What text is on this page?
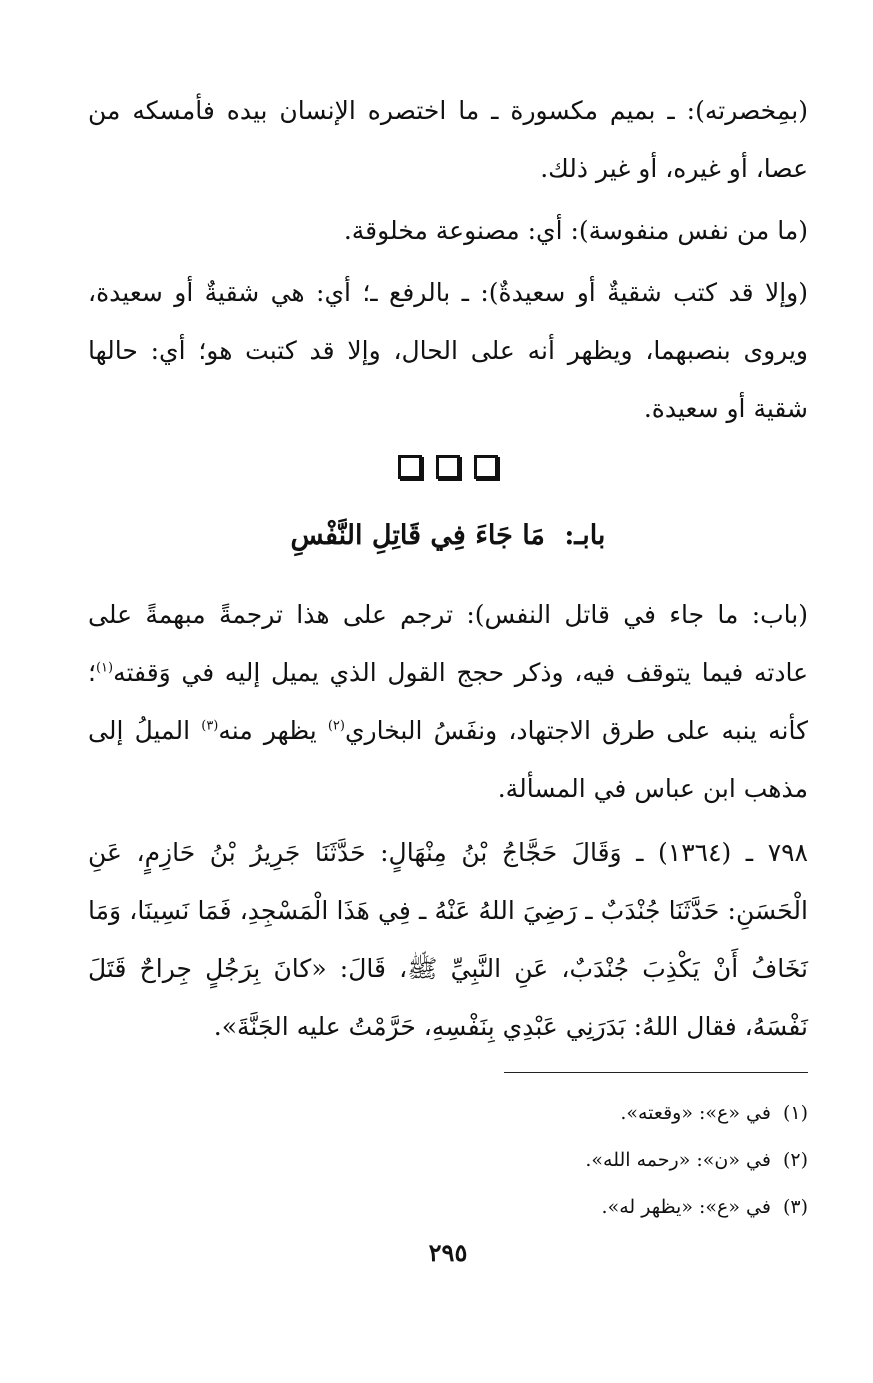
(بمِخصرته): ـ بميم مكسورة ـ ما اختصره الإنسان بيده فأمسكه من عصا، أو غيره، أو غير ذلك.

(ما من نفس منفوسة): أي: مصنوعة مخلوقة.

(وإلا قد كتب شقيةٌ أو سعيدةٌ): ـ بالرفع ـ؛ أي: هي شقيةٌ أو سعيدة، ويروى بنصبهما، ويظهر أنه على الحال، وإلا قد كتبت هو؛ أي: حالها شقية أو سعيدة.

بابـ: مَا جَاءَ فِي قَاتِلِ النَّفْسِ

(باب: ما جاء في قاتل النفس): ترجم على هذا ترجمةً مبهمةً على عادته فيما يتوقف فيه، وذكر حجج القول الذي يميل إليه في وَقفته$^{(١)}$؛ كأنه ينبه على طرق الاجتهاد، ونفَسُ البخاري$^{(٢)}$ يظهر منه$^{(٣)}$ الميلُ إلى مذهب ابن عباس في المسألة.

٧٩٨ ـ (١٣٦٤) ـ وَقَالَ حَجَّاجُ بْنُ مِنْهَالٍ: حَدَّثَنَا جَرِيرُ بْنُ حَازِمٍ، عَنِ الْحَسَنِ: حَدَّثَنَا جُنْدَبٌ ـ رَضِيَ اللهُ عَنْهُ ـ فِي هَذَا الْمَسْجِدِ، فَمَا نَسِينَا، وَمَا نَخَافُ أَنْ يَكْذِبَ جُنْدَبٌ، عَنِ النَّبِيِّ ﷺ، قَالَ: «كانَ بِرَجُلٍ جِراحٌ قَتَلَ نَفْسَهُ، فقال اللهُ: بَدَرَنِي عَبْدِي بِنَفْسِهِ، حَرَّمْتُ عليه الجَنَّةَ».

(١)في «ع»: «وقعته».
(٢)في «ن»: «رحمه الله».
(٣)في «ع»: «يظهر له».
٢٩٥
